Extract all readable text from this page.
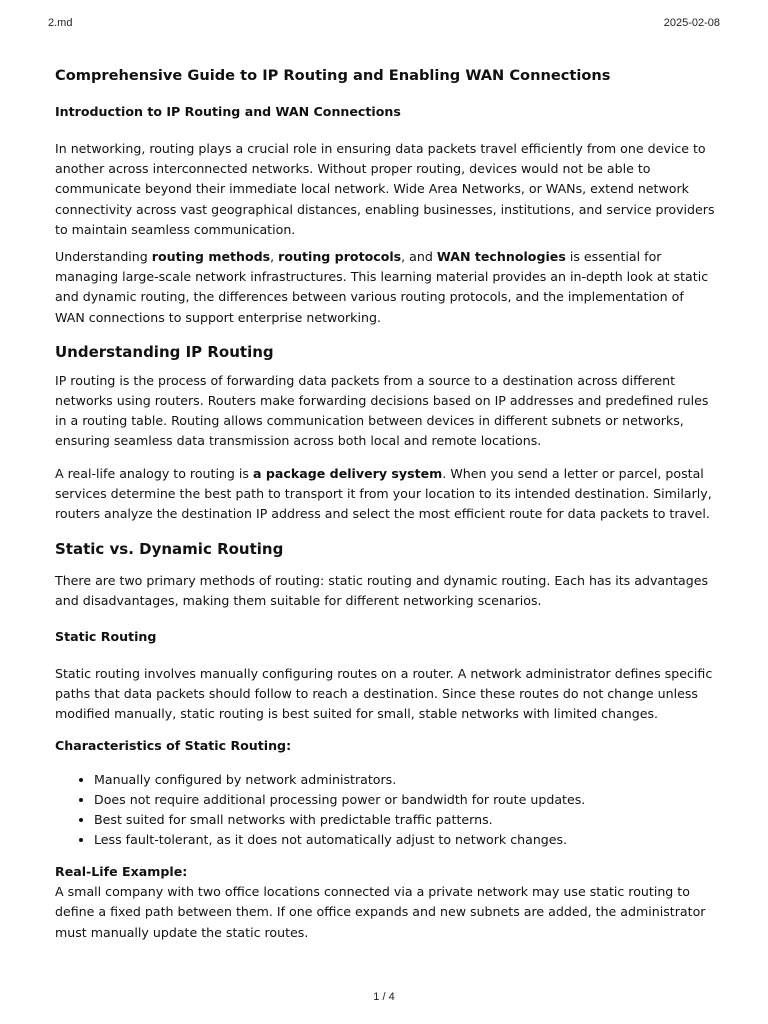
2.md	2025-02-08
Comprehensive Guide to IP Routing and Enabling WAN Connections
Introduction to IP Routing and WAN Connections

In networking, routing plays a crucial role in ensuring data packets travel efficiently from one device to another across interconnected networks. Without proper routing, devices would not be able to communicate beyond their immediate local network. Wide Area Networks, or WANs, extend network connectivity across vast geographical distances, enabling businesses, institutions, and service providers to maintain seamless communication.

Understanding routing methods, routing protocols, and WAN technologies is essential for managing large-scale network infrastructures. This learning material provides an in-depth look at static and dynamic routing, the differences between various routing protocols, and the implementation of WAN connections to support enterprise networking.

Understanding IP Routing

IP routing is the process of forwarding data packets from a source to a destination across different networks using routers. Routers make forwarding decisions based on IP addresses and predefined rules in a routing table. Routing allows communication between devices in different subnets or networks, ensuring seamless data transmission across both local and remote locations.

A real-life analogy to routing is a package delivery system. When you send a letter or parcel, postal services determine the best path to transport it from your location to its intended destination. Similarly, routers analyze the destination IP address and select the most efficient route for data packets to travel.

Static vs. Dynamic Routing

There are two primary methods of routing: static routing and dynamic routing. Each has its advantages and disadvantages, making them suitable for different networking scenarios.

Static Routing

Static routing involves manually configuring routes on a router. A network administrator defines specific paths that data packets should follow to reach a destination. Since these routes do not change unless modified manually, static routing is best suited for small, stable networks with limited changes.

Characteristics of Static Routing:
• Manually configured by network administrators.
• Does not require additional processing power or bandwidth for route updates.
• Best suited for small networks with predictable traffic patterns.
• Less fault-tolerant, as it does not automatically adjust to network changes.
Real-Life Example:

A small company with two office locations connected via a private network may use static routing to define a fixed path between them. If one office expands and new subnets are added, the administrator must manually update the static routes.

1 / 4
